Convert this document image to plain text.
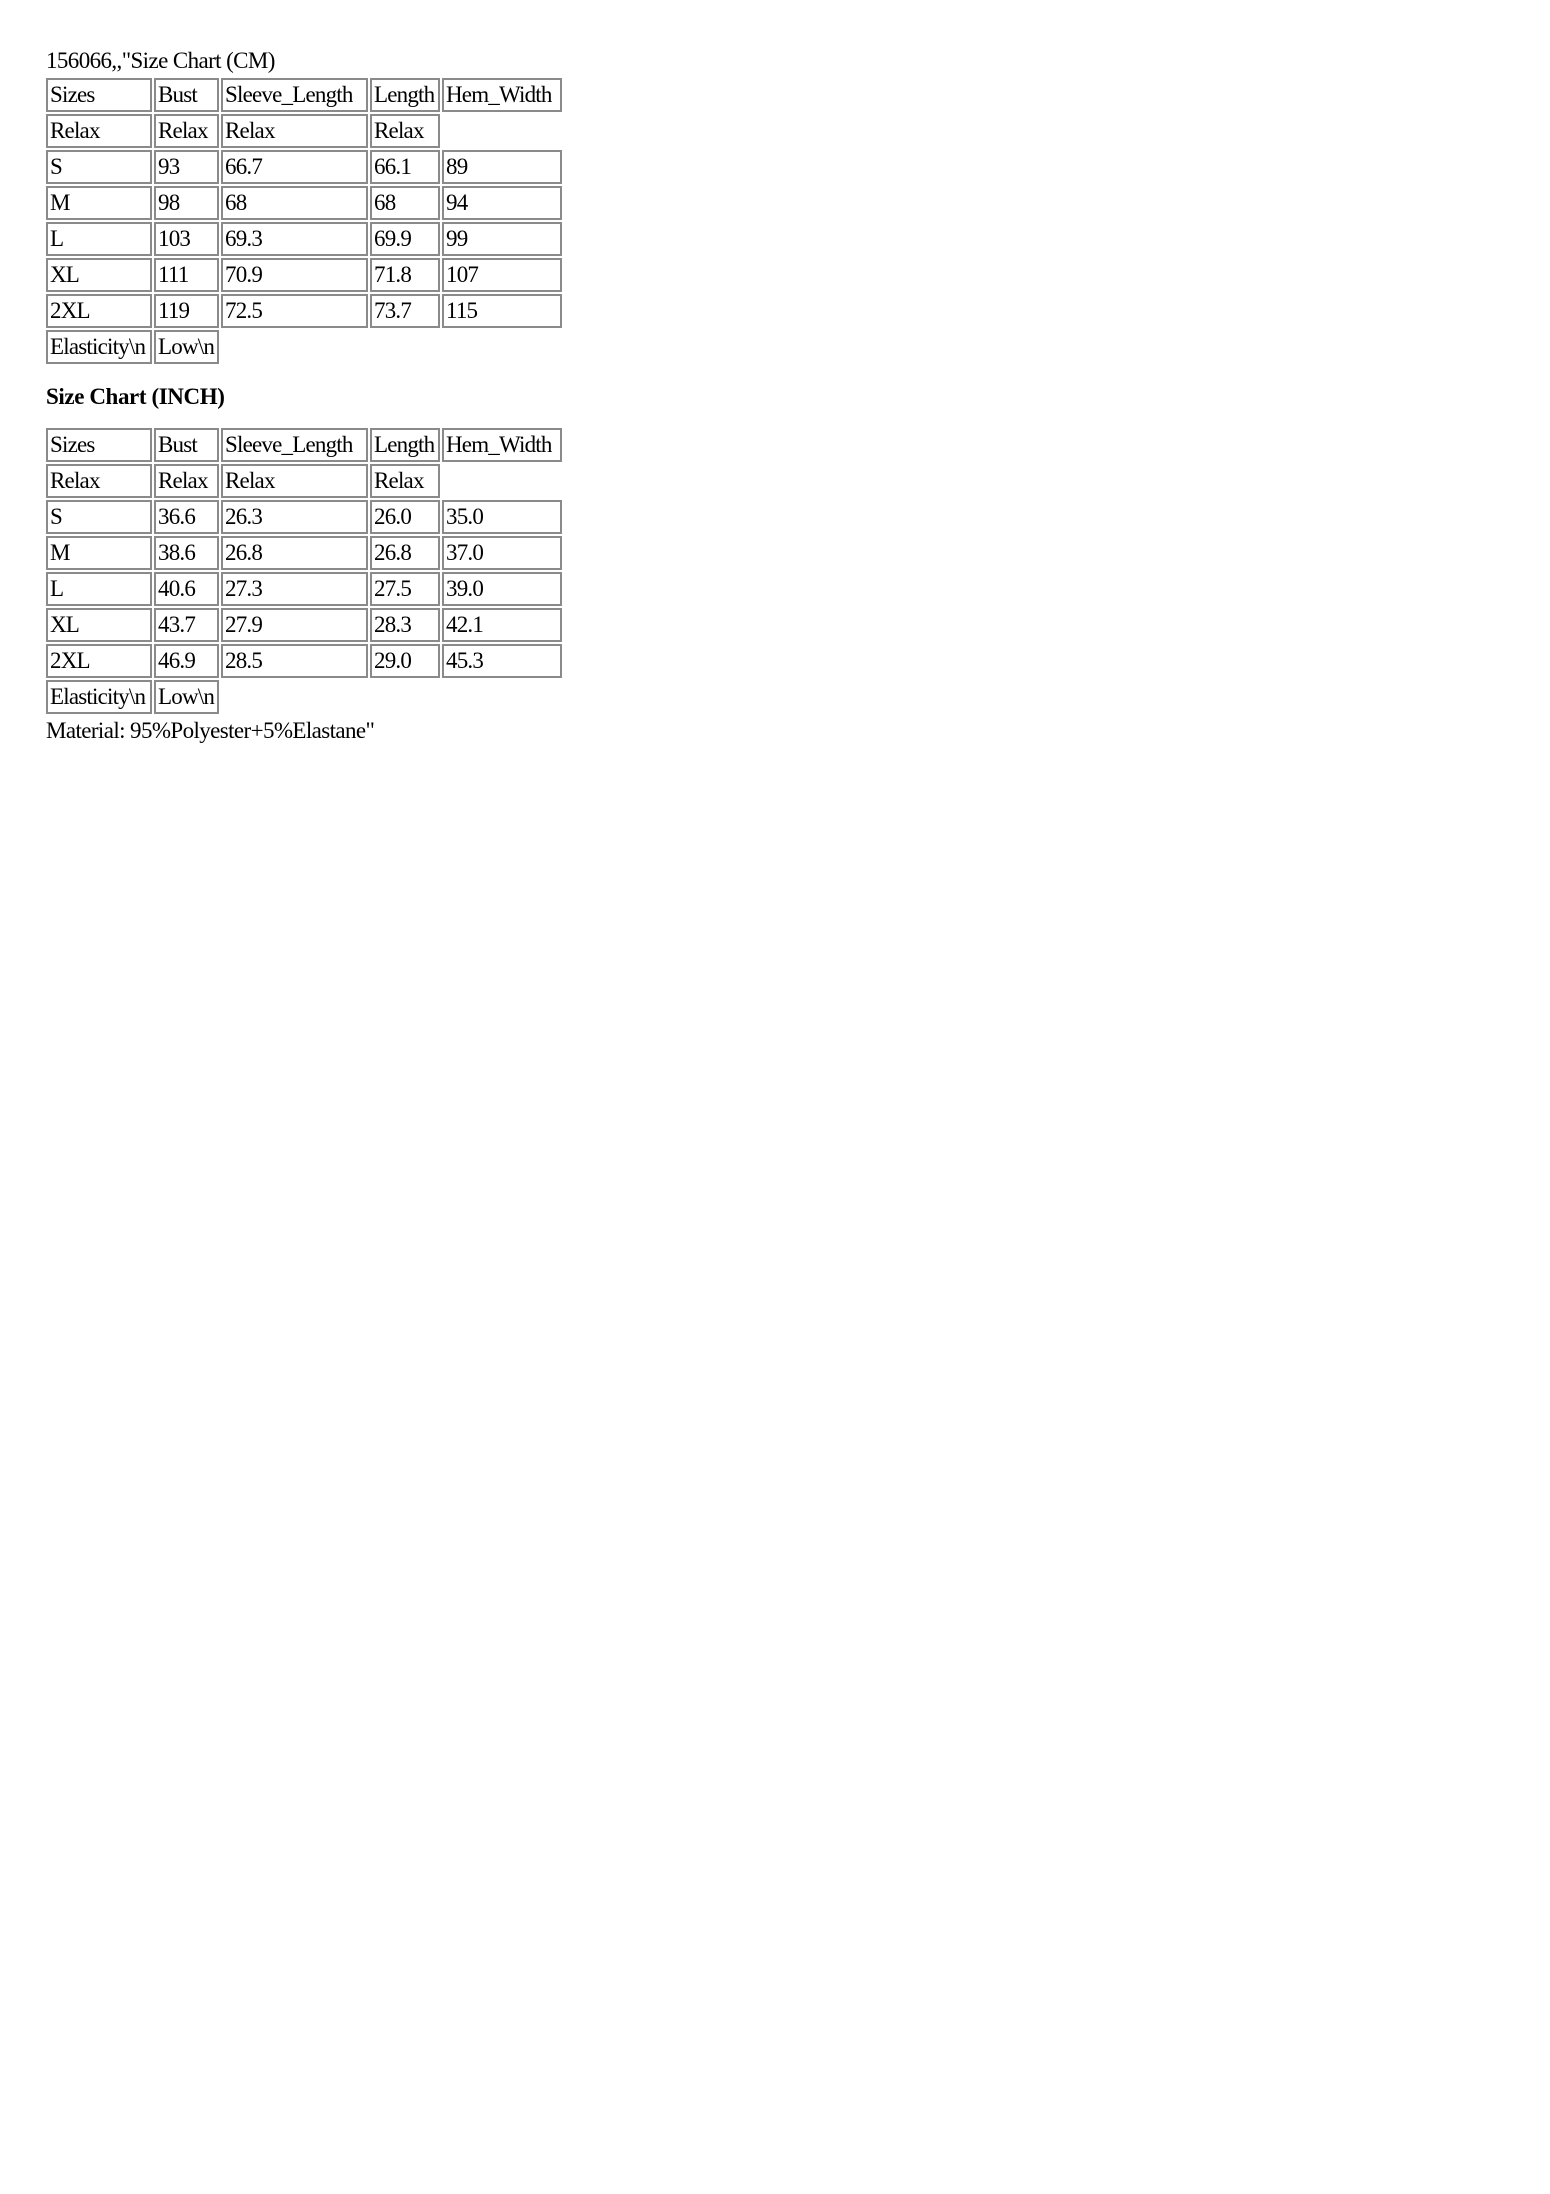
156066,,"Size Chart (CM)
Sizes	Bust	Sleeve_Length	Length	Hem_Width
Relax	Relax	Relax	Relax	
S	93	66.7	66.1	89
M	98	68	68	94
L	103	69.3	69.9	99
XL	111	70.9	71.8	107
2XL	119	72.5	73.7	115
Elasticity\n	Low\n			
Size Chart (INCH)
Sizes	Bust	Sleeve_Length	Length	Hem_Width
Relax	Relax	Relax	Relax	
S	36.6	26.3	26.0	35.0
M	38.6	26.8	26.8	37.0
L	40.6	27.3	27.5	39.0
XL	43.7	27.9	28.3	42.1
2XL	46.9	28.5	29.0	45.3
Elasticity\n	Low\n			
Material: 95%Polyester+5%Elastane"
